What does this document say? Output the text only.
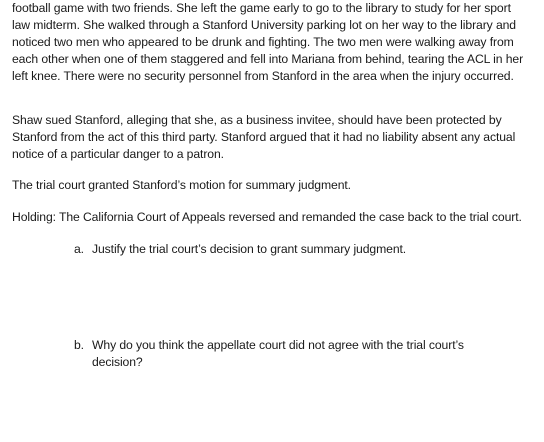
football game with two friends. She left the game early to go to the library to study for her sport law midterm. She walked through a Stanford University parking lot on her way to the library and noticed two men who appeared to be drunk and fighting. The two men were walking away from each other when one of them staggered and fell into Mariana from behind, tearing the ACL in her left knee. There were no security personnel from Stanford in the area when the injury occurred.

Shaw sued Stanford, alleging that she, as a business invitee, should have been protected by Stanford from the act of this third party. Stanford argued that it had no liability absent any actual notice of a particular danger to a patron.

The trial court granted Stanford’s motion for summary judgment.

Holding: The California Court of Appeals reversed and remanded the case back to the trial court.

a. Justify the trial court’s decision to grant summary judgment.
b. Why do you think the appellate court did not agree with the trial court’s decision?
